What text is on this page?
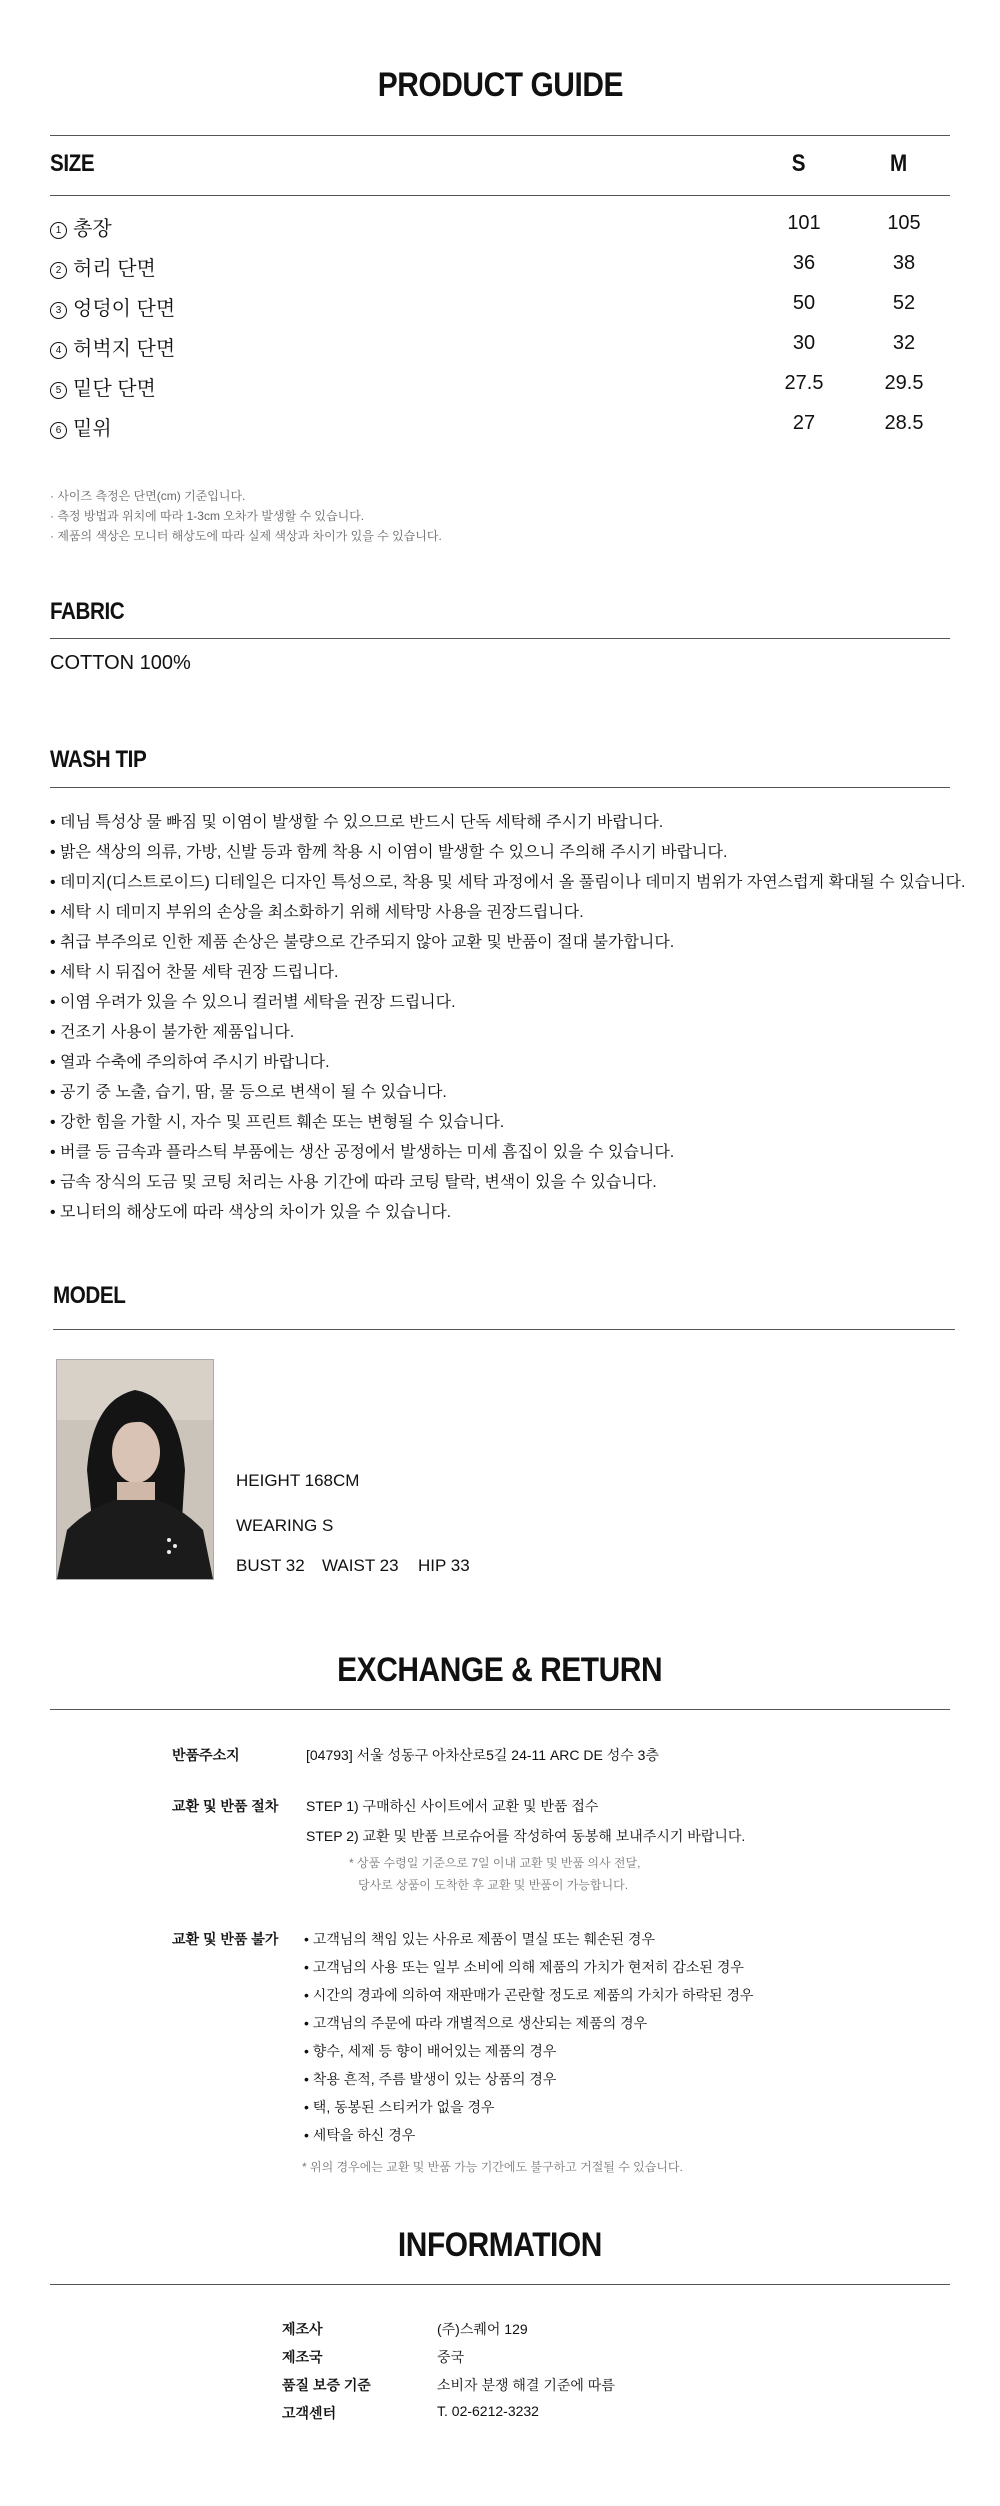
PRODUCT GUIDE
SIZE	S	M
1 총장	101	105
2 허리 단면	36	38
3 엉덩이 단면	50	52
4 허벅지 단면	30	32
5 밑단 단면	27.5	29.5
6 밑위	27	28.5
· 사이즈 측정은 단면(cm) 기준입니다.
· 측정 방법과 위치에 따라 1-3cm 오차가 발생할 수 있습니다.
· 제품의 색상은 모니터 해상도에 따라 실제 색상과 차이가 있을 수 있습니다.
FABRIC
COTTON 100%
WASH TIP
• 데님 특성상 물 빠짐 및 이염이 발생할 수 있으므로 반드시 단독 세탁해 주시기 바랍니다.
• 밝은 색상의 의류, 가방, 신발 등과 함께 착용 시 이염이 발생할 수 있으니 주의해 주시기 바랍니다.
• 데미지(디스트로이드) 디테일은 디자인 특성으로, 착용 및 세탁 과정에서 올 풀림이나 데미지 범위가 자연스럽게 확대될 수 있습니다.
• 세탁 시 데미지 부위의 손상을 최소화하기 위해 세탁망 사용을 권장드립니다.
• 취급 부주의로 인한 제품 손상은 불량으로 간주되지 않아 교환 및 반품이 절대 불가합니다.
• 세탁 시 뒤집어 찬물 세탁 권장 드립니다.
• 이염 우려가 있을 수 있으니 컬러별 세탁을 권장 드립니다.
• 건조기 사용이 불가한 제품입니다.
• 열과 수축에 주의하여 주시기 바랍니다.
• 공기 중 노출, 습기, 땀, 물 등으로 변색이 될 수 있습니다.
• 강한 힘을 가할 시, 자수 및 프린트 훼손 또는 변형될 수 있습니다.
• 버클 등 금속과 플라스틱 부품에는 생산 공정에서 발생하는 미세 흠집이 있을 수 있습니다.
• 금속 장식의 도금 및 코팅 처리는 사용 기간에 따라 코팅 탈락, 변색이 있을 수 있습니다.
• 모니터의 해상도에 따라 색상의 차이가 있을 수 있습니다.
MODEL
HEIGHT 168CM
WEARING S
BUST 32 WAIST 23 HIP 33
EXCHANGE & RETURN
반품주소지	[04793] 서울 성동구 아차산로5길 24-11 ARC DE 성수 3층
교환 및 반품 절차 STEP 1) 구매하신 사이트에서 교환 및 반품 접수
STEP 2) 교환 및 반품 브로슈어를 작성하여 동봉해 보내주시기 바랍니다.
* 상품 수령일 기준으로 7일 이내 교환 및 반품 의사 전달,
당사로 상품이 도착한 후 교환 및 반품이 가능합니다.
교환 및 반품 불가
•	고객님의 책임 있는 사유로 제품이 멸실 또는 훼손된 경우
• 고객님의 사용 또는 일부 소비에 의해 제품의 가치가 현저히 감소된 경우
• 시간의 경과에 의하여 재판매가 곤란할 정도로 제품의 가치가 하락된 경우
• 고객님의 주문에 따라 개별적으로 생산되는 제품의 경우
• 향수, 세제 등 향이 배어있는 제품의 경우
• 착용 흔적, 주름 발생이 있는 상품의 경우
• 택, 동봉된 스티커가 없을 경우
• 세탁을 하신 경우
* 위의 경우에는 교환 및 반품 가능 기간에도 불구하고 거절될 수 있습니다.
INFORMATION
제조사	(주)스퀘어 129
제조국	중국
품질 보증 기준	소비자 분쟁 해결 기준에 따름
고객센터	T. 02-6212-3232
